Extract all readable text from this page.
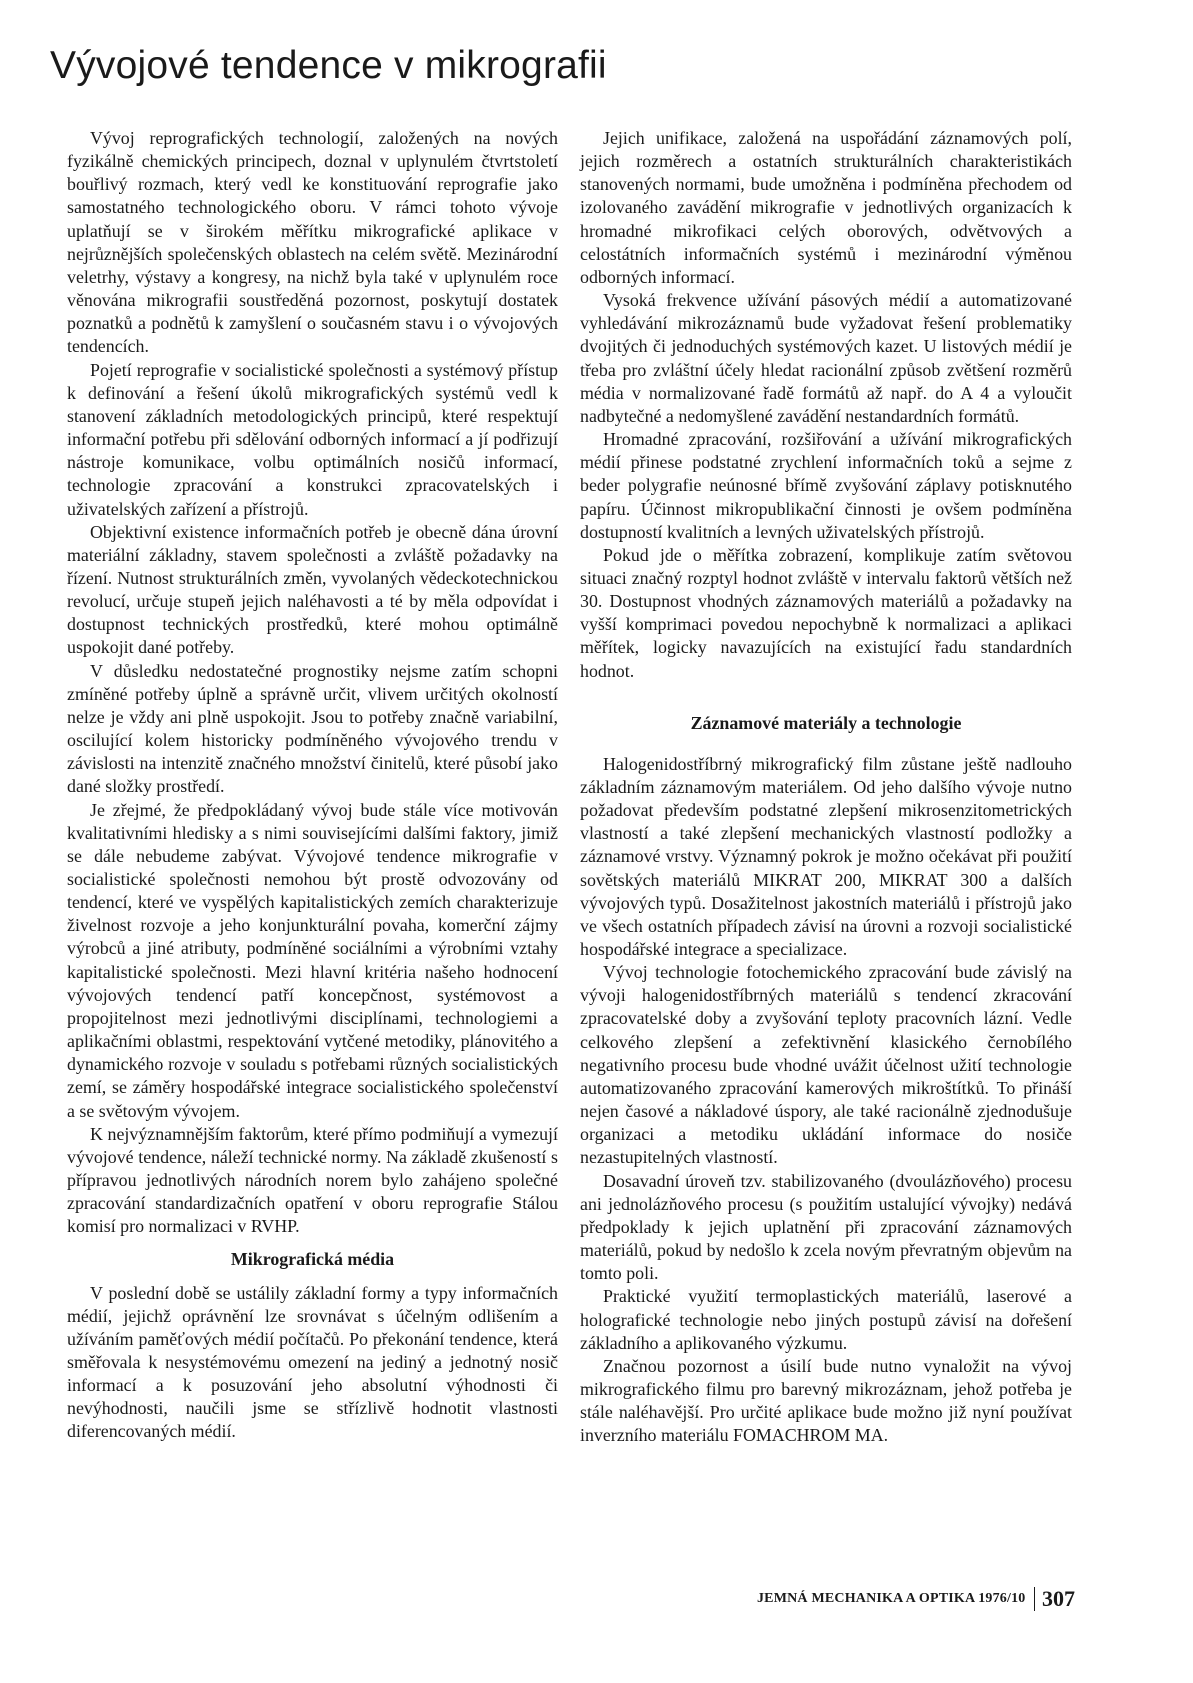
Vývojové tendence v mikrografii

Vývoj reprografických technologií, založených na nových fyzikálně chemických principech, doznal v uplynulém čtvrtstoletí bouřlivý rozmach, který vedl ke konstituování reprografie jako samostatného technologického oboru. V rámci tohoto vývoje uplatňují se v širokém měřítku mikrografické aplikace v nejrůznějších společenských oblastech na celém světě. Mezinárodní veletrhy, výstavy a kongresy, na nichž byla také v uplynulém roce věnována mikrografii soustředěná pozornost, poskytují dostatek poznatků a podnětů k zamyšlení o současném stavu i o vývojových tendencích.

Pojetí reprografie v socialistické společnosti a systémový přístup k definování a řešení úkolů mikrografických systémů vedl k stanovení základních metodologických principů, které respektují informační potřebu při sdělování odborných informací a jí podřizují nástroje komunikace, volbu optimálních nosičů informací, technologie zpracování a konstrukci zpracovatelských i uživatelských zařízení a přístrojů.

Objektivní existence informačních potřeb je obecně dána úrovní materiální základny, stavem společnosti a zvláště požadavky na řízení. Nutnost strukturálních změn, vyvolaných vědeckotechnickou revolucí, určuje stupeň jejich naléhavosti a té by měla odpovídat i dostupnost technických prostředků, které mohou optimálně uspokojit dané potřeby.

V důsledku nedostatečné prognostiky nejsme zatím schopni zmíněné potřeby úplně a správně určit, vlivem určitých okolností nelze je vždy ani plně uspokojit. Jsou to potřeby značně variabilní, oscilující kolem historicky podmíněného vývojového trendu v závislosti na intenzitě značného množství činitelů, které působí jako dané složky prostředí.

Je zřejmé, že předpokládaný vývoj bude stále více motivován kvalitativními hledisky a s nimi souvisejícími dalšími faktory, jimiž se dále nebudeme zabývat. Vývojové tendence mikrografie v socialistické společnosti nemohou být prostě odvozovány od tendencí, které ve vyspělých kapitalistických zemích charakterizuje živelnost rozvoje a jeho konjunkturální povaha, komerční zájmy výrobců a jiné atributy, podmíněné sociálními a výrobními vztahy kapitalistické společnosti. Mezi hlavní kritéria našeho hodnocení vývojových tendencí patří koncepčnost, systémovost a propojitelnost mezi jednotlivými disciplínami, technologiemi a aplikačními oblastmi, respektování vytčené metodiky, plánovitého a dynamického rozvoje v souladu s potřebami různých socialistických zemí, se záměry hospodářské integrace socialistického společenství a se světovým vývojem.

K nejvýznamnějším faktorům, které přímo podmiňují a vymezují vývojové tendence, náleží technické normy. Na základě zkušeností s přípravou jednotlivých národních norem bylo zahájeno společné zpracování standardizačních opatření v oboru reprografie Stálou komisí pro normalizaci v RVHP.

Mikrografická média

V poslední době se ustálily základní formy a typy informačních médií, jejichž oprávnění lze srovnávat s účelným odlišením a užíváním paměťových médií počítačů. Po překonání tendence, která směřovala k nesystémovému omezení na jediný a jednotný nosič informací a k posuzování jeho absolutní výhodnosti či nevýhodnosti, naučili jsme se střízlivě hodnotit vlastnosti diferencovaných médií.

Jejich unifikace, založená na uspořádání záznamových polí, jejich rozměrech a ostatních strukturálních charakteristikách stanovených normami, bude umožněna i podmíněna přechodem od izolovaného zavádění mikrografie v jednotlivých organizacích k hromadné mikrofikaci celých oborových, odvětvových a celostátních informačních systémů i mezinárodní výměnou odborných informací.

Vysoká frekvence užívání pásových médií a automatizované vyhledávání mikrozáznamů bude vyžadovat řešení problematiky dvojitých či jednoduchých systémových kazet. U listových médií je třeba pro zvláštní účely hledat racionální způsob zvětšení rozměrů média v normalizované řadě formátů až např. do A 4 a vyloučit nadbytečné a nedomyšlené zavádění nestandardních formátů.

Hromadné zpracování, rozšiřování a užívání mikrografických médií přinese podstatné zrychlení informačních toků a sejme z beder polygrafie neúnosné břímě zvyšování záplavy potisknutého papíru. Účinnost mikropublikační činnosti je ovšem podmíněna dostupností kvalitních a levných uživatelských přístrojů.

Pokud jde o měřítka zobrazení, komplikuje zatím světovou situaci značný rozptyl hodnot zvláště v intervalu faktorů větších než 30. Dostupnost vhodných záznamových materiálů a požadavky na vyšší komprimaci povedou nepochybně k normalizaci a aplikaci měřítek, logicky navazujících na existující řadu standardních hodnot.

Záznamové materiály a technologie

Halogenidostříbrný mikrografický film zůstane ještě nadlouho základním záznamovým materiálem. Od jeho dalšího vývoje nutno požadovat především podstatné zlepšení mikrosenzitometrických vlastností a také zlepšení mechanických vlastností podložky a záznamové vrstvy. Významný pokrok je možno očekávat při použití sovětských materiálů MIKRAT 200, MIKRAT 300 a dalších vývojových typů. Dosažitelnost jakostních materiálů i přístrojů jako ve všech ostatních případech závisí na úrovni a rozvoji socialistické hospodářské integrace a specializace.

Vývoj technologie fotochemického zpracování bude závislý na vývoji halogenidostříbrných materiálů s tendencí zkracování zpracovatelské doby a zvyšování teploty pracovních lázní. Vedle celkového zlepšení a zefektivnění klasického černobílého negativního procesu bude vhodné uvážit účelnost užití technologie automatizovaného zpracování kamerových mikroštítků. To přináší nejen časové a nákladové úspory, ale také racionálně zjednodušuje organizaci a metodiku ukládání informace do nosiče nezastupitelných vlastností.

Dosavadní úroveň tzv. stabilizovaného (dvoulázňového) procesu ani jednolázňového procesu (s použitím ustalující vývojky) nedává předpoklady k jejich uplatnění při zpracování záznamových materiálů, pokud by nedošlo k zcela novým převratným objevům na tomto poli.

Praktické využití termoplastických materiálů, laserové a holografické technologie nebo jiných postupů závisí na dořešení základního a aplikovaného výzkumu.

Značnou pozornost a úsilí bude nutno vynaložit na vývoj mikrografického filmu pro barevný mikrozáznam, jehož potřeba je stále naléhavější. Pro určité aplikace bude možno již nyní používat inverzního materiálu FOMACHROM MA.

JEMNÁ MECHANIKA A OPTIKA 1976/10 307
